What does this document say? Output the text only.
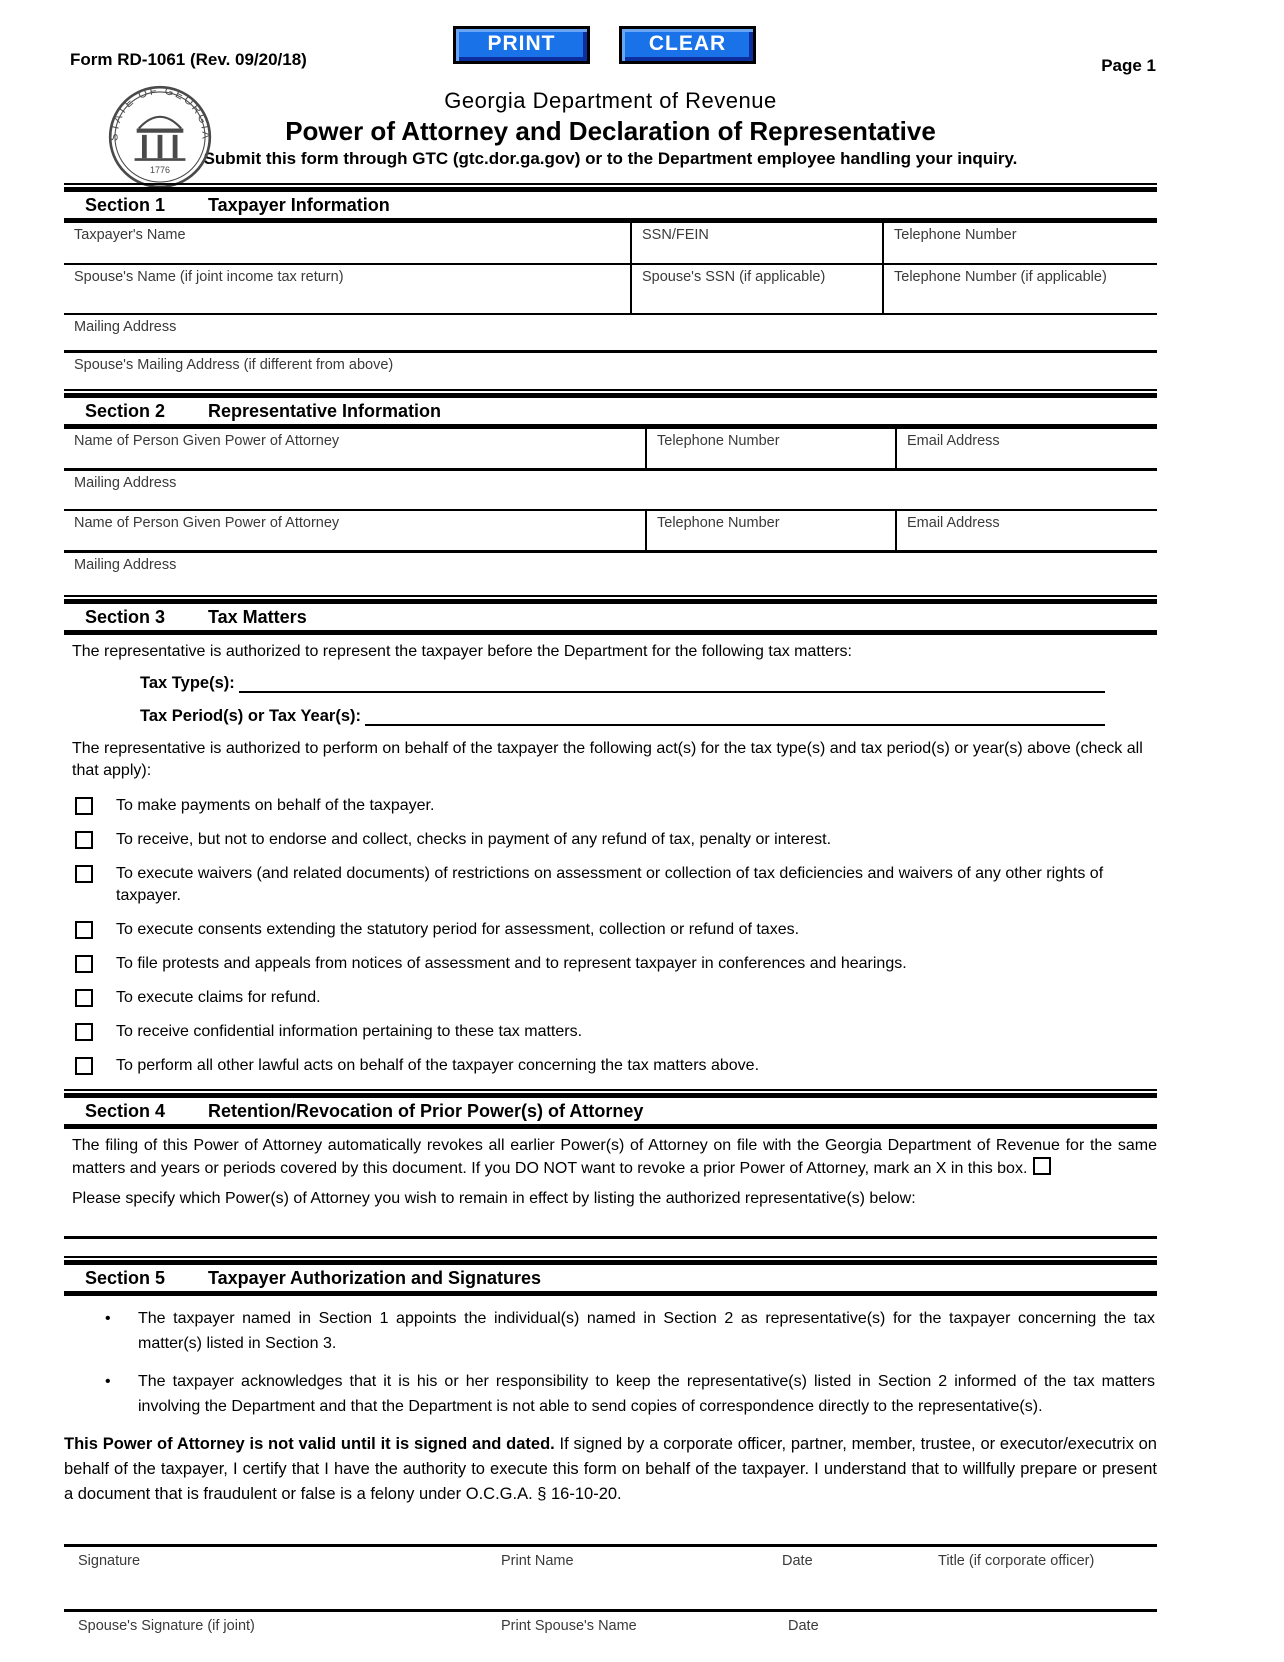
PRINT	CLEAR
Form RD-1061 (Rev. 09/20/18)	Page 1
STATE OF GEORGIA
1776
Georgia Department of Revenue
Power of Attorney and Declaration of Representative
Submit this form through GTC (gtc.dor.ga.gov) or to the Department employee handling your inquiry.
Section 1	Taxpayer Information
Taxpayer's Name	SSN/FEIN	Telephone Number
Spouse's Name (if joint income tax return)	Spouse's SSN (if applicable)	Telephone Number (if applicable)
Mailing Address
Spouse's Mailing Address (if different from above)
Section 2	Representative Information
Name of Person Given Power of Attorney	Telephone Number	Email Address
Mailing Address
Name of Person Given Power of Attorney	Telephone Number	Email Address
Mailing Address
Section 3	Tax Matters

The representative is authorized to represent the taxpayer before the Department for the following tax matters:

Tax Type(s):
Tax Period(s) or Tax Year(s):

The representative is authorized to perform on behalf of the taxpayer the following act(s) for the tax type(s) and tax period(s) or year(s) above (check all that apply):

To make payments on behalf of the taxpayer.
To receive, but not to endorse and collect, checks in payment of any refund of tax, penalty or interest.
To execute waivers (and related documents) of restrictions on assessment or collection of tax deficiencies and waivers of any other rights of taxpayer.
To execute consents extending the statutory period for assessment, collection or refund of taxes.
To file protests and appeals from notices of assessment and to represent taxpayer in conferences and hearings.
To execute claims for refund.
To receive confidential information pertaining to these tax matters.
To perform all other lawful acts on behalf of the taxpayer concerning the tax matters above.
Section 4	Retention/Revocation of Prior Power(s) of Attorney

The filing of this Power of Attorney automatically revokes all earlier Power(s) of Attorney on file with the Georgia Department of Revenue for the same matters and years or periods covered by this document. If you DO NOT want to revoke a prior Power of Attorney, mark an X in this box.

Please specify which Power(s) of Attorney you wish to remain in effect by listing the authorized representative(s) below:

Section 5	Taxpayer Authorization and Signatures
• The taxpayer named in Section 1 appoints the individual(s) named in Section 2 as representative(s) for the taxpayer concerning the tax matter(s) listed in Section 3.
• The taxpayer acknowledges that it is his or her responsibility to keep the representative(s) listed in Section 2 informed of the tax matters involving the Department and that the Department is not able to send copies of correspondence directly to the representative(s).

This Power of Attorney is not valid until it is signed and dated. If signed by a corporate officer, partner, member, trustee, or executor/executrix on behalf of the taxpayer, I certify that I have the authority to execute this form on behalf of the taxpayer. I understand that to willfully prepare or present a document that is fraudulent or false is a felony under O.C.G.A. § 16-10-20.

Signature	Print Name	Date	Title (if corporate officer)
Spouse's Signature (if joint)	Print Spouse's Name	Date
